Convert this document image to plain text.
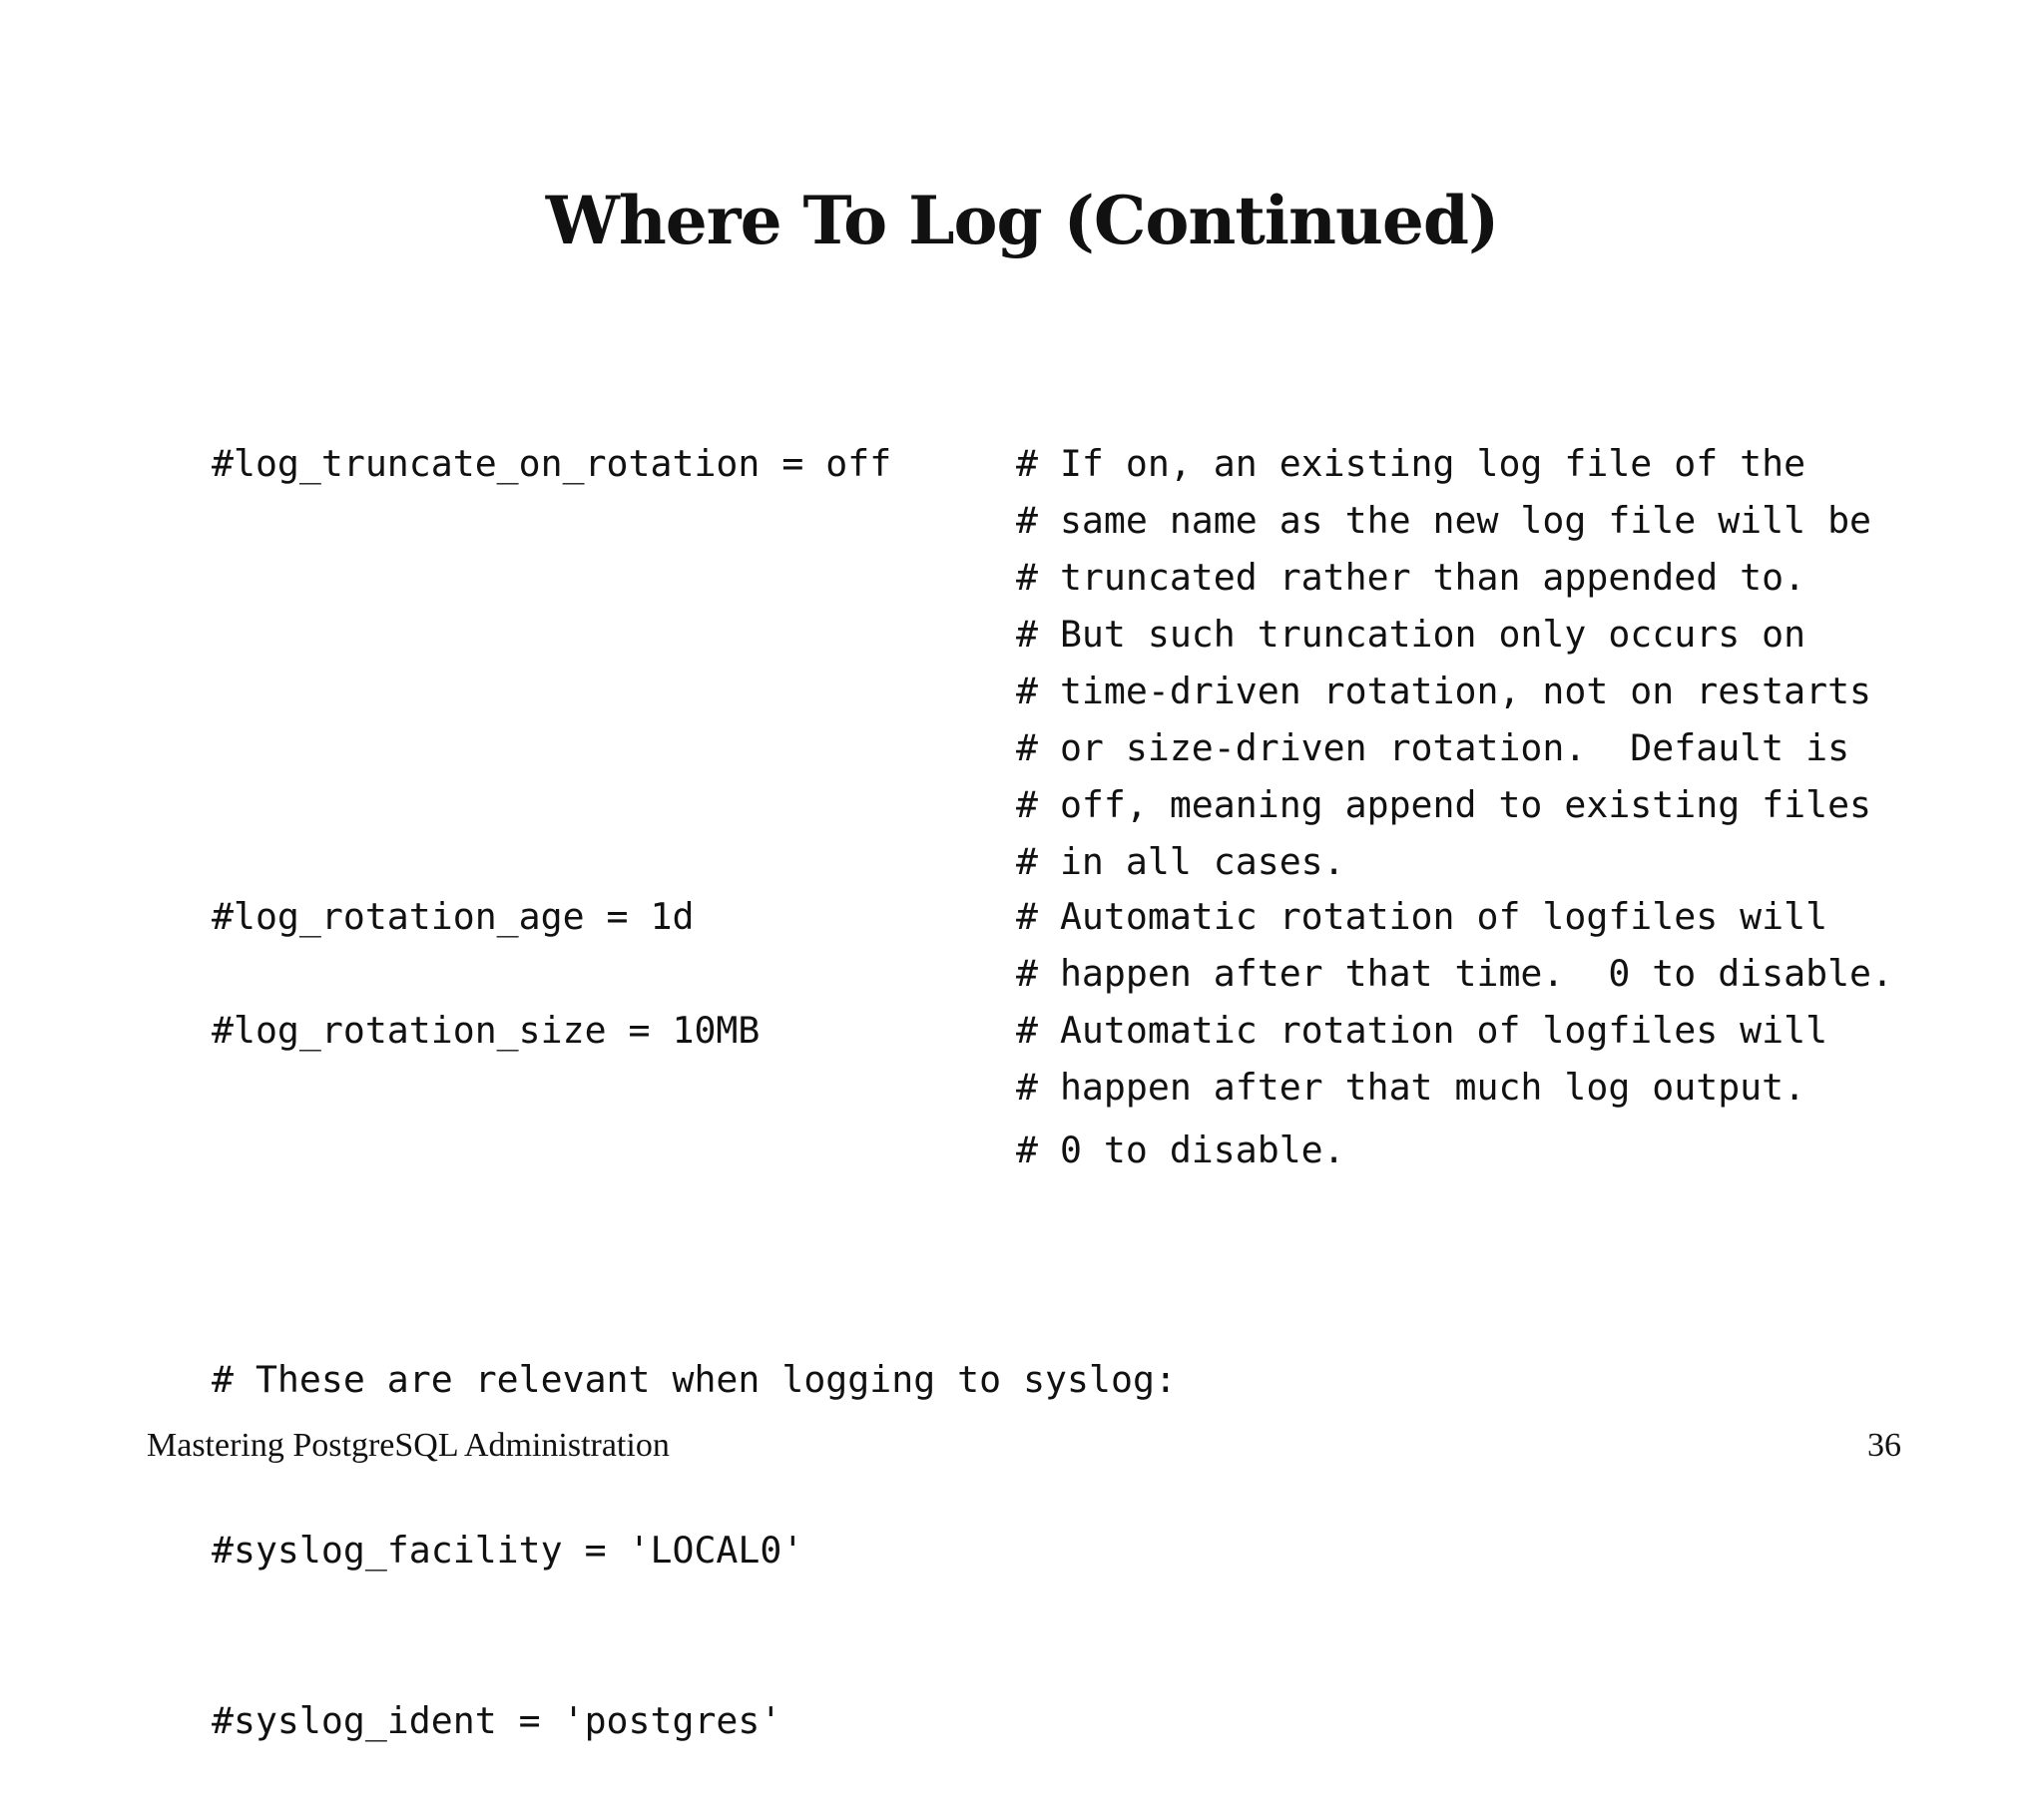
Where To Log (Continued)

#log_truncate_on_rotation = off

#log_rotation_age = 1d

#log_rotation_size = 10MB

# If on, an existing log file of the

# same name as the new log file will be

# truncated rather than appended to.

# But such truncation only occurs on

# time-driven rotation, not on restarts

# or size-driven rotation.  Default is

# off, meaning append to existing files

# in all cases.

# Automatic rotation of logfiles will

# happen after that time.  0 to disable.

# Automatic rotation of logfiles will

# happen after that much log output.

# 0 to disable.

# These are relevant when logging to syslog:

#syslog_facility = 'LOCAL0'

#syslog_ident = 'postgres'

Mastering PostgreSQL Administration	36
